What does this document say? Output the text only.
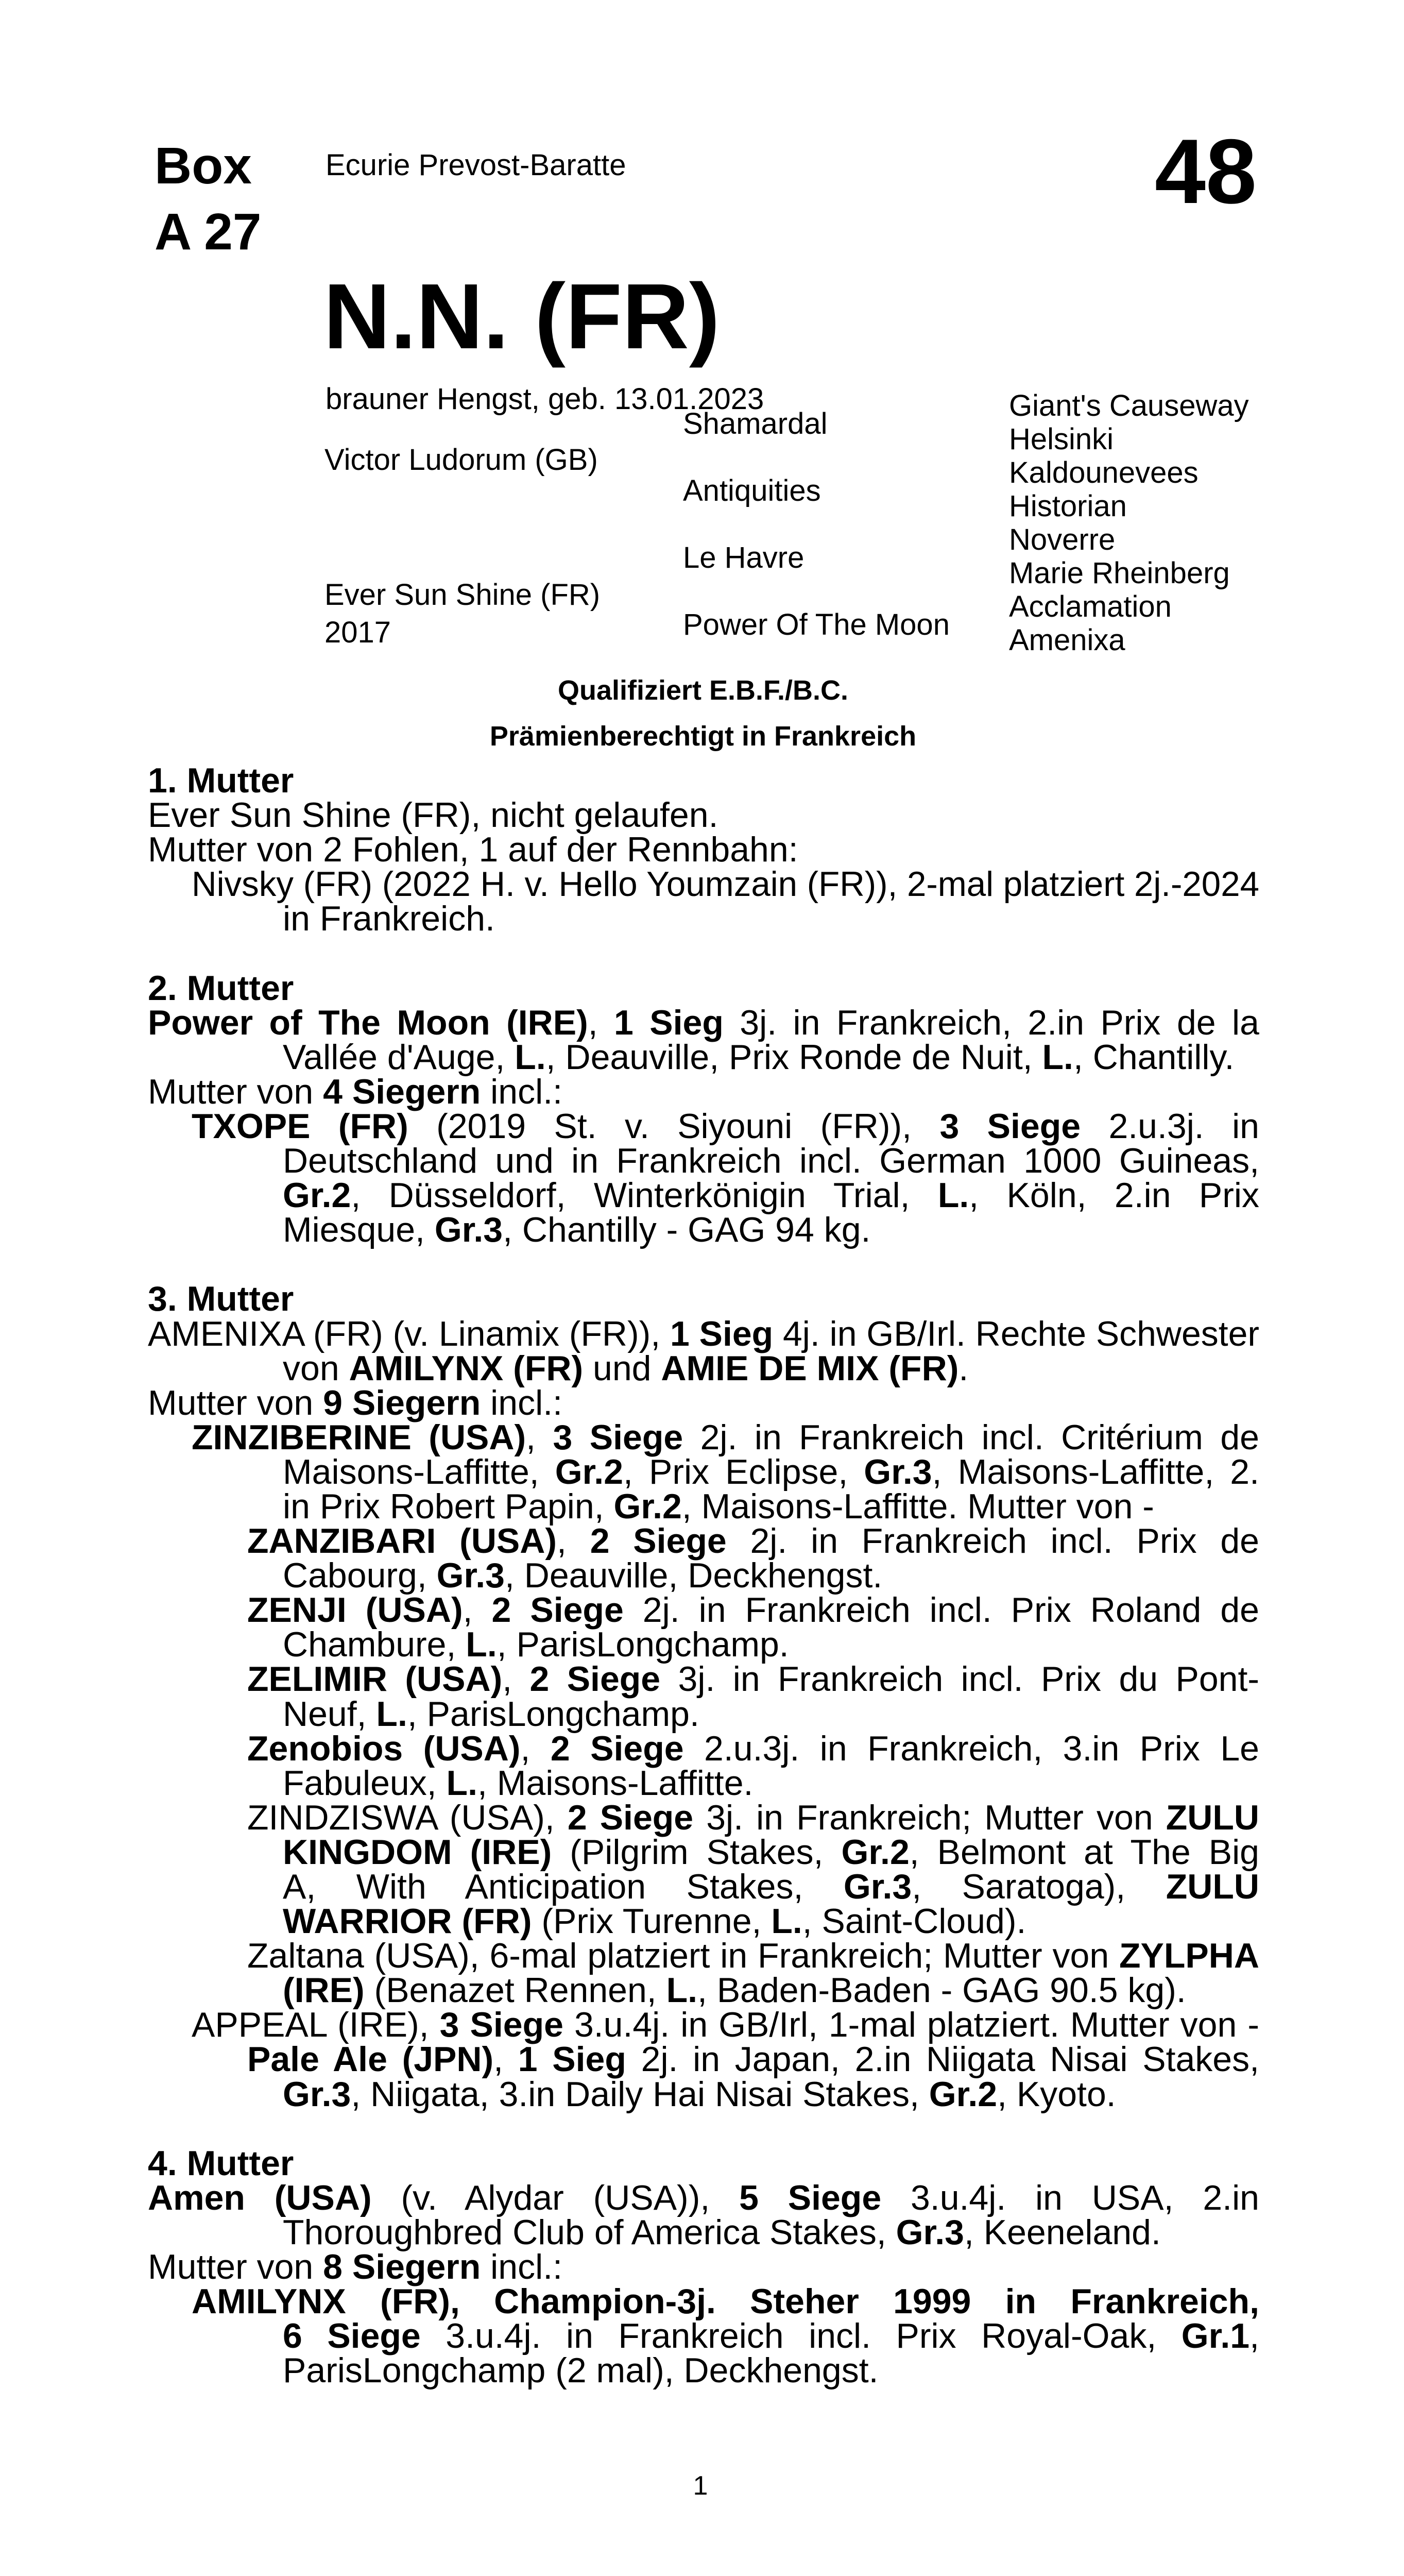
Box
A 27
Ecurie Prevost-Baratte	48
N.N. (FR)
brauner Hengst, geb. 13.01.2023
Victor Ludorum (GB)
Ever Sun Shine (FR)
2017
Shamardal
Antiquities
Le Havre
Power Of The Moon
Giant's Causeway
Helsinki
Kaldounevees
Historian
Noverre
Marie Rheinberg
Acclamation
Amenixa
Qualifiziert E.B.F./B.C.
Prämienberechtigt in Frankreich
1. Mutter
Ever Sun Shine (FR), nicht gelaufen.
Mutter von 2 Fohlen, 1 auf der Rennbahn:
Nivsky (FR) (2022 H. v. Hello Youmzain (FR)), 2-mal platziert 2j.-2024
in Frankreich.
2. Mutter
Power of The Moon (IRE), 1 Sieg 3j. in Frankreich, 2.in Prix de la
Vallée d'Auge, L., Deauville, Prix Ronde de Nuit, L., Chantilly.
Mutter von 4 Siegern incl.:
TXOPE (FR) (2019 St. v. Siyouni (FR)), 3 Siege 2.u.3j. in
Deutschland und in Frankreich incl. German 1000 Guineas,
Gr.2, Düsseldorf, Winterkönigin Trial, L., Köln, 2.in Prix
Miesque, Gr.3, Chantilly - GAG 94 kg.
3. Mutter
AMENIXA (FR) (v. Linamix (FR)), 1 Sieg 4j. in GB/Irl. Rechte Schwester
von AMILYNX (FR) und AMIE DE MIX (FR).
Mutter von 9 Siegern incl.:
ZINZIBERINE (USA), 3 Siege 2j. in Frankreich incl. Critérium de
Maisons-Laffitte, Gr.2, Prix Eclipse, Gr.3, Maisons-Laffitte, 2.
in Prix Robert Papin, Gr.2, Maisons-Laffitte. Mutter von -
ZANZIBARI (USA), 2 Siege 2j. in Frankreich incl. Prix de
Cabourg, Gr.3, Deauville, Deckhengst.
ZENJI (USA), 2 Siege 2j. in Frankreich incl. Prix Roland de
Chambure, L., ParisLongchamp.
ZELIMIR (USA), 2 Siege 3j. in Frankreich incl. Prix du Pont-
Neuf, L., ParisLongchamp.
Zenobios (USA), 2 Siege 2.u.3j. in Frankreich, 3.in Prix Le
Fabuleux, L., Maisons-Laffitte.
ZINDZISWA (USA), 2 Siege 3j. in Frankreich; Mutter von ZULU
KINGDOM (IRE) (Pilgrim Stakes, Gr.2, Belmont at The Big
A, With Anticipation Stakes, Gr.3, Saratoga), ZULU
WARRIOR (FR) (Prix Turenne, L., Saint-Cloud).
Zaltana (USA), 6-mal platziert in Frankreich; Mutter von ZYLPHA
(IRE) (Benazet Rennen, L., Baden-Baden - GAG 90.5 kg).
APPEAL (IRE), 3 Siege 3.u.4j. in GB/Irl, 1-mal platziert. Mutter von -
Pale Ale (JPN), 1 Sieg 2j. in Japan, 2.in Niigata Nisai Stakes,
Gr.3, Niigata, 3.in Daily Hai Nisai Stakes, Gr.2, Kyoto.
4. Mutter
Amen (USA) (v. Alydar (USA)), 5 Siege 3.u.4j. in USA, 2.in
Thoroughbred Club of America Stakes, Gr.3, Keeneland.
Mutter von 8 Siegern incl.:
AMILYNX (FR), Champion-3j. Steher 1999 in Frankreich,
6 Siege 3.u.4j. in Frankreich incl. Prix Royal-Oak, Gr.1,
ParisLongchamp (2 mal), Deckhengst.
1
